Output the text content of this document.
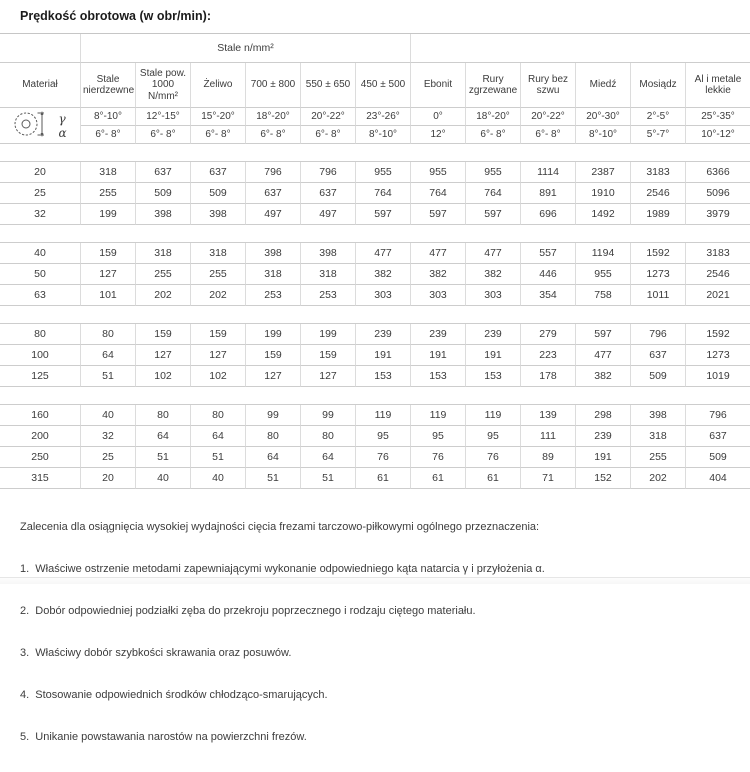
Prędkość obrotowa (w obr/min):
	Stale n/mm²											
Materiał	Stale nierdzewne	Stale pow. 1000 N/mm²	Żeliwo	700 ± 800	550 ± 650	450 ± 500	Ebonit	Rury zgrzewane	Rury bez szwu	Miedź	Mosiądz	Al i metale lekkie

γ
α	8°-10°	12°-15°	15°-20°	18°-20°	20°-22°	23°-26°	0°	18°-20°	20°-22°	20°-30°	2°-5°	25°-35°
	6°- 8°	6°- 8°	6°- 8°	6°- 8°	6°- 8°	8°-10°	12°	6°- 8°	6°- 8°	8°-10°	5°-7°	10°-12°

20	318	637	637	796	796	955	955	955	1114	2387	3183	6366
25	255	509	509	637	637	764	764	764	891	1910	2546	5096
32	199	398	398	497	497	597	597	597	696	1492	1989	3979

40	159	318	318	398	398	477	477	477	557	1194	1592	3183
50	127	255	255	318	318	382	382	382	446	955	1273	2546
63	101	202	202	253	253	303	303	303	354	758	1011	2021

80	80	159	159	199	199	239	239	239	279	597	796	1592
100	64	127	127	159	159	191	191	191	223	477	637	1273
125	51	102	102	127	127	153	153	153	178	382	509	1019

160	40	80	80	99	99	119	119	119	139	298	398	796
200	32	64	64	80	80	95	95	95	111	239	318	637
250	25	51	51	64	64	76	76	76	89	191	255	509
315	20	40	40	51	51	61	61	61	71	152	202	404

Zalecenia dla osiągnięcia wysokiej wydajności cięcia frezami tarczowo-piłkowymi ogólnego przeznaczenia:

1.  Właściwe ostrzenie metodami zapewniającymi wykonanie odpowiedniego kąta natarcia γ i przyłożenia α.

2.  Dobór odpowiedniej podziałki zęba do przekroju poprzecznego i rodzaju ciętego materiału.

3.  Właściwy dobór szybkości skrawania oraz posuwów.

4.  Stosowanie odpowiednich środków chłodząco-smarujących.

5.  Unikanie powstawania narostów na powierzchni frezów.
